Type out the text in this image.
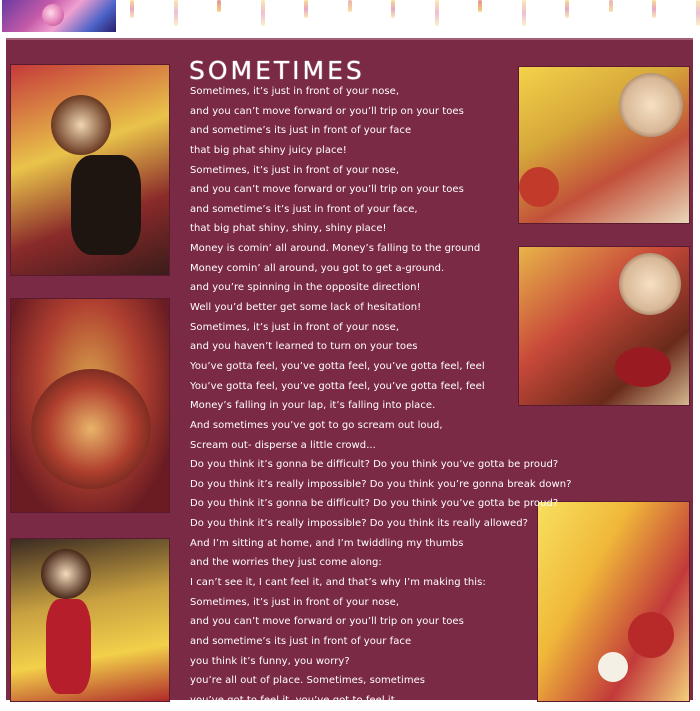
SOMETIMES
Sometimes, it’s just in front of your nose,
and you can’t move forward or you’ll trip on your toes
and sometime’s its just in front of your face
that big phat shiny juicy place!
Sometimes, it’s just in front of your nose,
and you can’t move forward or you’ll trip on your toes
and sometime’s it’s just in front of your face,
that big phat shiny, shiny, shiny place!
Money is comin’ all around. Money’s falling to the ground
Money comin’ all around, you got to get a-ground.
and you’re spinning in the opposite direction!
Well you’d better get some lack of hesitation!
Sometimes, it’s just in front of your nose,
and you haven’t learned to turn on your toes
You’ve gotta feel, you’ve gotta feel, you’ve gotta feel, feel
You’ve gotta feel, you’ve gotta feel, you’ve gotta feel, feel
Money’s falling in your lap, it’s falling into place.
And sometimes you’ve got to go scream out loud,
Scream out- disperse a little crowd...
Do you think it’s gonna be difficult? Do you think you’ve gotta be proud?
Do you think it’s really impossible? Do you think you’re gonna break down?
Do you think it’s gonna be difficult? Do you think you’ve gotta be proud?
Do you think it’s really impossible? Do you think its really allowed?
And I’m sitting at home, and I’m twiddling my thumbs
and the worries they just come along:
I can’t see it, I cant feel it, and that’s why I’m making this:
Sometimes, it’s just in front of your nose,
and you can’t move forward or you’ll trip on your toes
and sometime’s its just in front of your face
you think it’s funny, you worry?
you’re all out of place. Sometimes, sometimes
you’ve got to feel it, you’ve got to feel it
